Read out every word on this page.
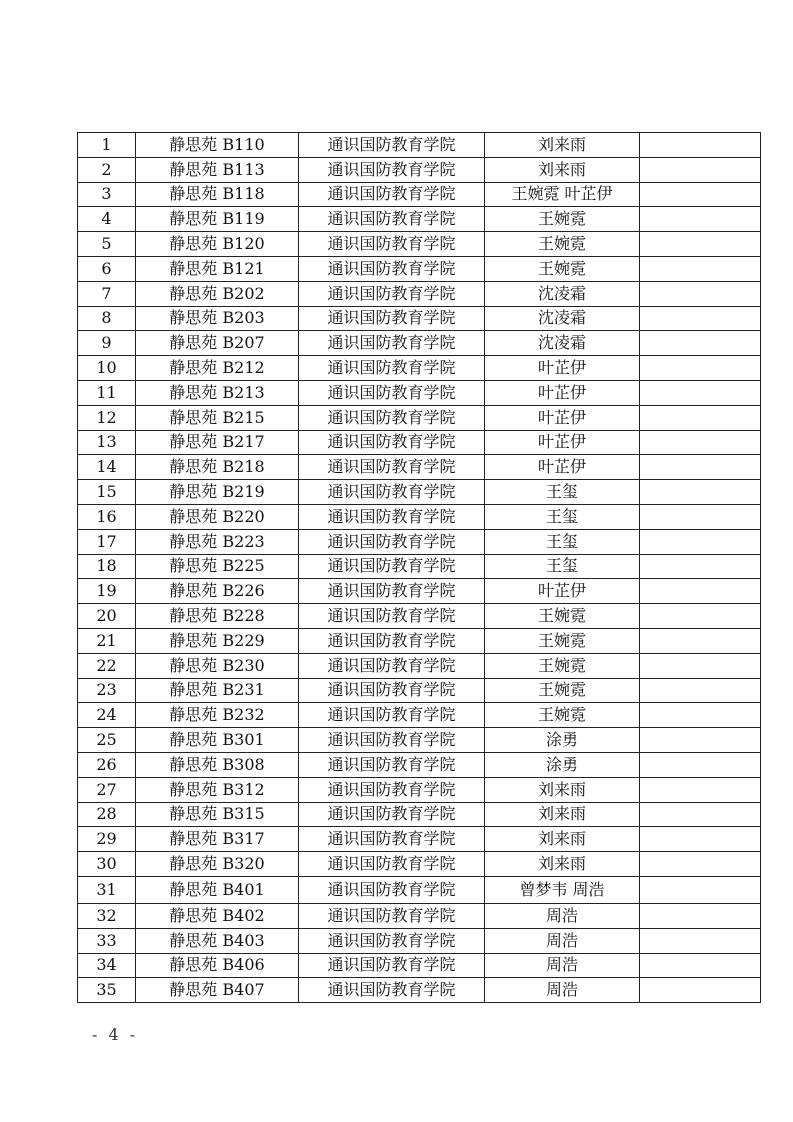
1	静思苑 B110	通识国防教育学院	刘来雨	
2	静思苑 B113	通识国防教育学院	刘来雨	
3	静思苑 B118	通识国防教育学院	王婉霓 叶芷伊	
4	静思苑 B119	通识国防教育学院	王婉霓	
5	静思苑 B120	通识国防教育学院	王婉霓	
6	静思苑 B121	通识国防教育学院	王婉霓	
7	静思苑 B202	通识国防教育学院	沈凌霜	
8	静思苑 B203	通识国防教育学院	沈凌霜	
9	静思苑 B207	通识国防教育学院	沈凌霜	
10	静思苑 B212	通识国防教育学院	叶芷伊	
11	静思苑 B213	通识国防教育学院	叶芷伊	
12	静思苑 B215	通识国防教育学院	叶芷伊	
13	静思苑 B217	通识国防教育学院	叶芷伊	
14	静思苑 B218	通识国防教育学院	叶芷伊	
15	静思苑 B219	通识国防教育学院	王玺	
16	静思苑 B220	通识国防教育学院	王玺	
17	静思苑 B223	通识国防教育学院	王玺	
18	静思苑 B225	通识国防教育学院	王玺	
19	静思苑 B226	通识国防教育学院	叶芷伊	
20	静思苑 B228	通识国防教育学院	王婉霓	
21	静思苑 B229	通识国防教育学院	王婉霓	
22	静思苑 B230	通识国防教育学院	王婉霓	
23	静思苑 B231	通识国防教育学院	王婉霓	
24	静思苑 B232	通识国防教育学院	王婉霓	
25	静思苑 B301	通识国防教育学院	涂勇	
26	静思苑 B308	通识国防教育学院	涂勇	
27	静思苑 B312	通识国防教育学院	刘来雨	
28	静思苑 B315	通识国防教育学院	刘来雨	
29	静思苑 B317	通识国防教育学院	刘来雨	
30	静思苑 B320	通识国防教育学院	刘来雨	
31	静思苑 B401	通识国防教育学院	曾梦韦 周浩	
32	静思苑 B402	通识国防教育学院	周浩	
33	静思苑 B403	通识国防教育学院	周浩	
34	静思苑 B406	通识国防教育学院	周浩	
35	静思苑 B407	通识国防教育学院	周浩	
- 4 -
